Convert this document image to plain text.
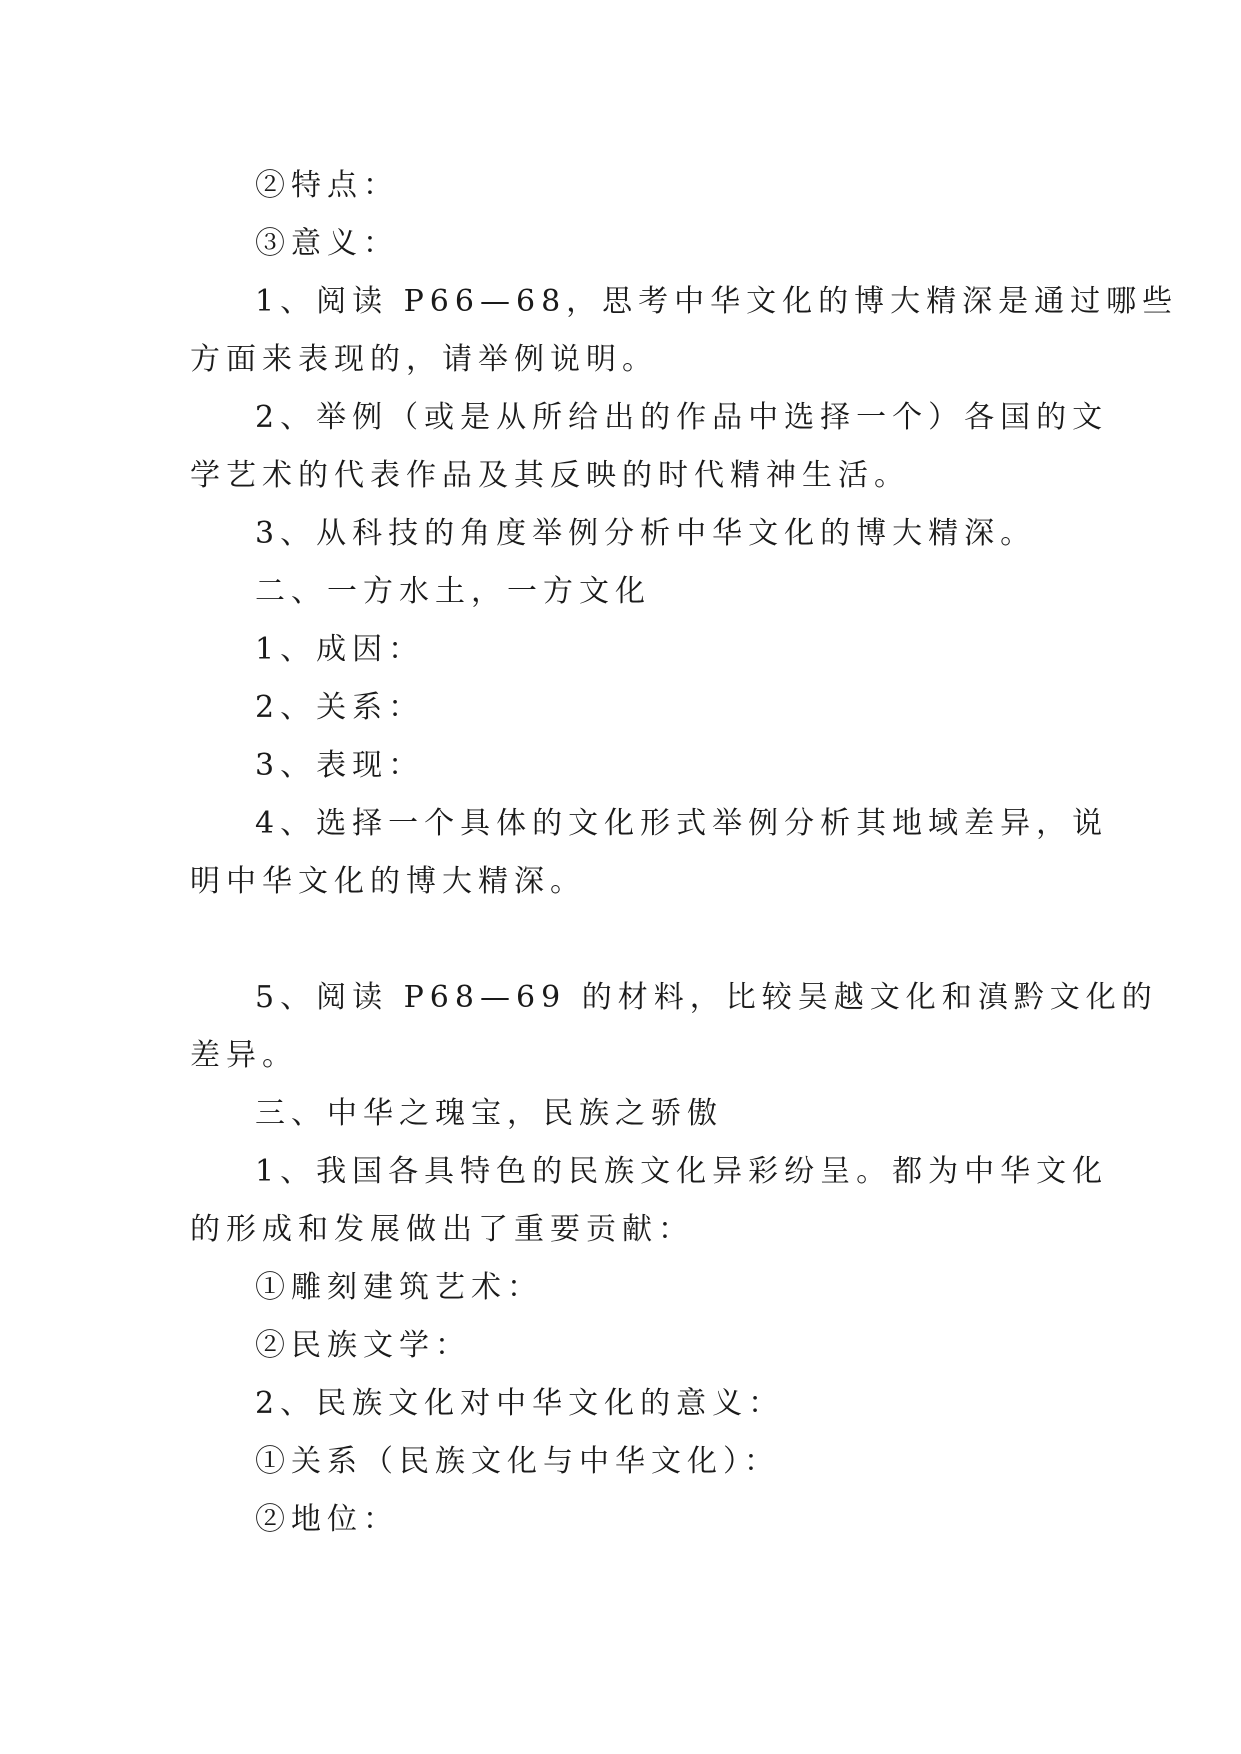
②特点：
③意义：
1、阅读 P66—68，思考中华文化的博大精深是通过哪些
方面来表现的，请举例说明。
2、举例（或是从所给出的作品中选择一个）各国的文
学艺术的代表作品及其反映的时代精神生活。
3、从科技的角度举例分析中华文化的博大精深。
二、一方水土，一方文化
1、成因：
2、关系：
3、表现：
4、选择一个具体的文化形式举例分析其地域差异，说
明中华文化的博大精深。
5、阅读 P68—69 的材料，比较吴越文化和滇黔文化的
差异。
三、中华之瑰宝，民族之骄傲
1、我国各具特色的民族文化异彩纷呈。都为中华文化
的形成和发展做出了重要贡献：
①雕刻建筑艺术：
②民族文学：
2、民族文化对中华文化的意义：
①关系（民族文化与中华文化）：
②地位：
